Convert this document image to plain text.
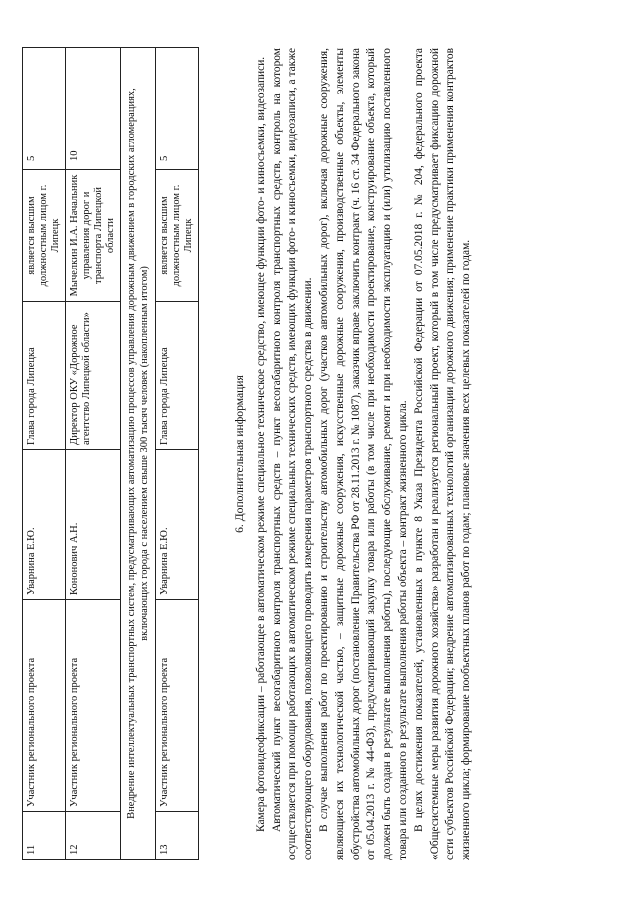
11	Участник регионального проекта	Уварнина Е.Ю.	Глава города Липецка	является высшим должностным лицом г. Липецк	5
12	Участник регионального проекта	Кононович А.Н.	Директор ОКУ «Дорожное агентство Липецкой области»	Мычелкин И.А. Начальник управления дорог и транспорта Липецкой области	10
Внедрение интеллектуальных транспортных систем, предусматривающих автоматизацию процессов управления дорожным движением в городских агломерациях, включающих города с населением свыше 300 тысяч человек (накопленным итогом)					
13	Участник регионального проекта	Уварнина Е.Ю.	Глава города Липецка	является высшим должностным лицом г. Липецк	5
6. Дополнительная информация Камера фотовидеофиксации – работающее в автоматическом режиме специальное техническое средство, имеющее функции фото- и киносъемки, видеозаписи. Автоматический пункт весогабаритного контроля транспортных средств – пункт весогабаритного контроля транспортных средств, контроль на котором осуществляется при помощи работающих в автоматическом режиме специальных технических средств, имеющих функции фото- и киносъемки, видеозаписи, а также соответствующего оборудования, позволяющего проводить измерения параметров транспортного средства в движении. В случае выполнения работ по проектированию и строительству автомобильных дорог (участков автомобильных дорог), включая дорожные сооружения, являющиеся их технологической частью, – защитные дорожные сооружения, искусственные дорожные сооружения, производственные объекты, элементы обустройства автомобильных дорог (постановление Правительства РФ от 28.11.2013 г. № 1087), заказчик вправе заключить контракт (ч. 16 ст. 34 Федерального закона от 05.04.2013 г. № 44-ФЗ), предусматривающий закупку товара или работы (в том числе при необходимости проектирование, конструирование объекта, который должен быть создан в результате выполнения работы), последующие обслуживание, ремонт и при необходимости эксплуатацию и (или) утилизацию поставленного товара или созданного в результате выполнения работы объекта – контракт жизненного цикла. В целях достижения показателей, установленных в пункте 8 Указа Президента Российской Федерации от 07.05.2018 г. № 204, федерального проекта «Общесистемные меры развития дорожного хозяйства» разработан и реализуется региональный проект, который в том числе предусматривает фиксацию дорожной сети субъектов Российской Федерации; внедрение автоматизированных технологий организации дорожного движения; применение практики применения контрактов жизненного цикла; формирование пообъектных планов работ по годам; плановые значения всех целевых показателей по годам.
